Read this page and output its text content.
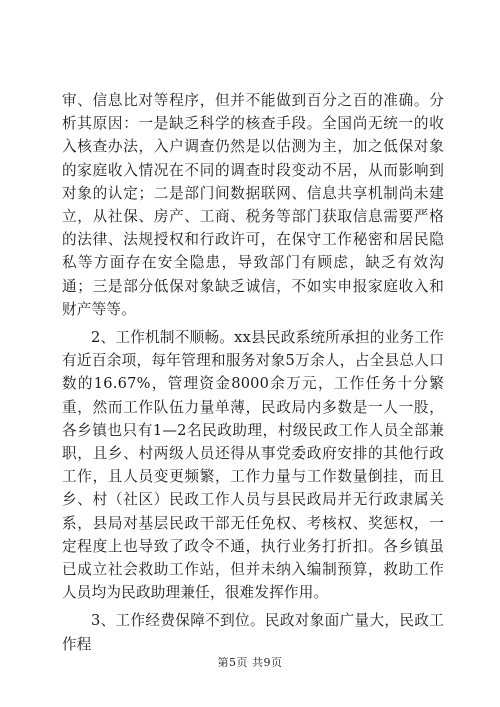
审、信息比对等程序，但并不能做到百分之百的准确。分析其原因：一是缺乏科学的核查手段。全国尚无统一的收入核查办法，入户调查仍然是以估测为主，加之低保对象的家庭收入情况在不同的调查时段变动不居，从而影响到对象的认定；二是部门间数据联网、信息共享机制尚未建立，从社保、房产、工商、税务等部门获取信息需要严格的法律、法规授权和行政许可，在保守工作秘密和居民隐私等方面存在安全隐患，导致部门有顾虑，缺乏有效沟通；三是部分低保对象缺乏诚信，不如实申报家庭收入和财产等等。

2、工作机制不顺畅。xx县民政系统所承担的业务工作有近百余项，每年管理和服务对象5万余人，占全县总人口数的16.67%，管理资金8000余万元，工作任务十分繁重，然而工作队伍力量单薄，民政局内多数是一人一股，各乡镇也只有1—2名民政助理，村级民政工作人员全部兼职，且乡、村两级人员还得从事党委政府安排的其他行政工作，且人员变更频繁，工作力量与工作数量倒挂，而且乡、村（社区）民政工作人员与县民政局并无行政隶属关系，县局对基层民政干部无任免权、考核权、奖惩权，一定程度上也导致了政令不通，执行业务打折扣。各乡镇虽已成立社会救助工作站，但并未纳入编制预算，救助工作人员均为民政助理兼任，很难发挥作用。

3、工作经费保障不到位。民政对象面广量大，民政工作程

第5页 共9页
